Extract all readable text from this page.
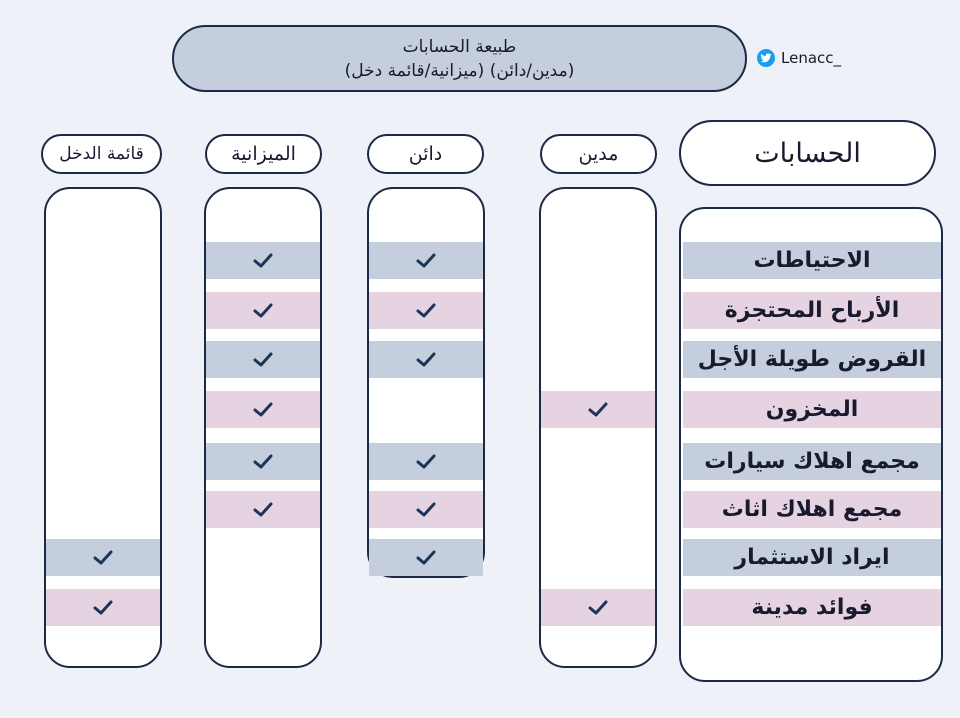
طبيعة الحسابات
(مدين/دائن) (ميزانية/قائمة دخل)
Lenacc_
الحسابات
مدين
دائن
الميزانية
قائمة الدخل
الاحتياطات
الأرباح المحتجزة
القروض طويلة الأجل
المخزون
مجمع اهلاك سيارات
مجمع اهلاك اثاث
ايراد الاستثمار
فوائد مدينة
